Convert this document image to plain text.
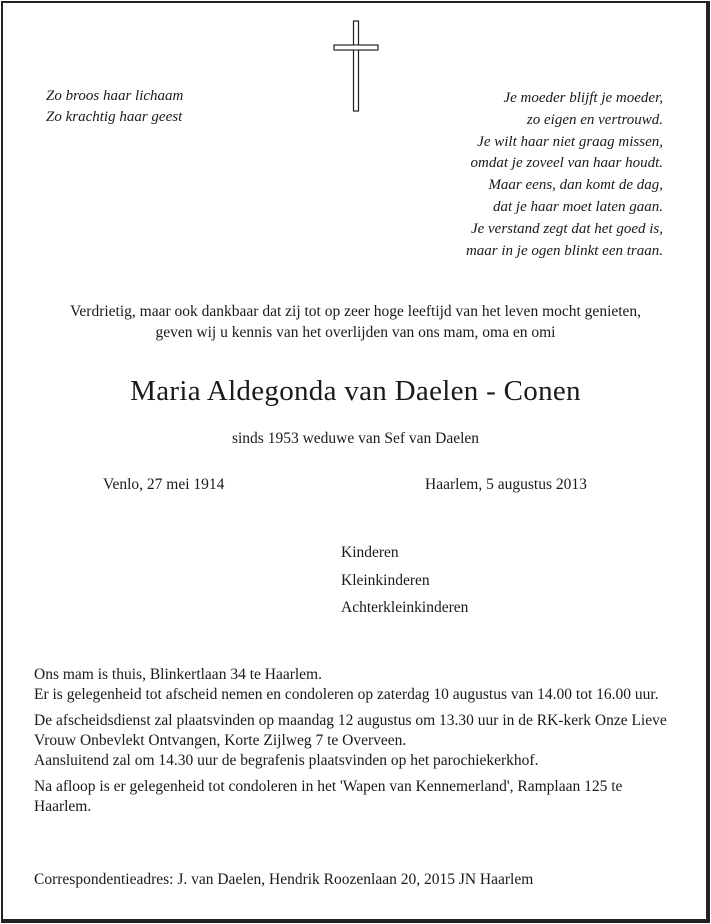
Zo broos haar lichaam
Zo krachtig haar geest
Je moeder blijft je moeder,
zo eigen en vertrouwd.
Je wilt haar niet graag missen,
omdat je zoveel van haar houdt.
Maar eens, dan komt de dag,
dat je haar moet laten gaan.
Je verstand zegt dat het goed is,
maar in je ogen blinkt een traan.
Verdrietig, maar ook dankbaar dat zij tot op zeer hoge leeftijd van het leven mocht genieten,
geven wij u kennis van het overlijden van ons mam, oma en omi
Maria Aldegonda van Daelen - Conen
sinds 1953 weduwe van Sef van Daelen
Venlo, 27 mei 1914	Haarlem, 5 augustus 2013
Kinderen
Kleinkinderen
Achterkleinkinderen
Ons mam is thuis, Blinkertlaan 34 te Haarlem.
Er is gelegenheid tot afscheid nemen en condoleren op zaterdag 10 augustus van 14.00 tot 16.00 uur.
De afscheidsdienst zal plaatsvinden op maandag 12 augustus om 13.30 uur in de RK-kerk Onze Lieve Vrouw Onbevlekt Ontvangen, Korte Zijlweg 7 te Overveen.
Aansluitend zal om 14.30 uur de begrafenis plaatsvinden op het parochiekerkhof.
Na afloop is er gelegenheid tot condoleren in het 'Wapen van Kennemerland', Ramplaan 125 te Haarlem.
Correspondentieadres: J. van Daelen, Hendrik Roozenlaan 20, 2015 JN Haarlem
